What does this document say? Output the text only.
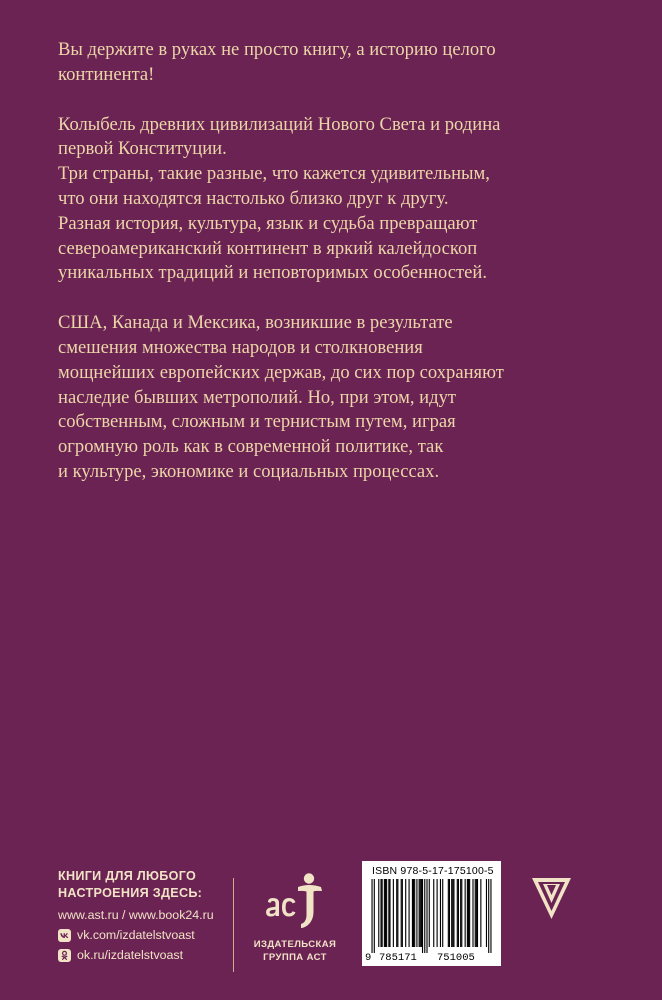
Вы держите в руках не просто книгу, а историю целого
континента!

Колыбель древних цивилизаций Нового Света и родина
первой Конституции.
Три страны, такие разные, что кажется удивительным,
что они находятся настолько близко друг к другу.
Разная история, культура, язык и судьба превращают
североамериканский континент в яркий калейдоскоп
уникальных традиций и неповторимых особенностей.

США, Канада и Мексика, возникшие в результате
смешения множества народов и столкновения
мощнейших европейских держав, до сих пор сохраняют
наследие бывших метрополий. Но, при этом, идут
собственным, сложным и тернистым путем, играя
огромную роль как в современной политике, так
и культуре, экономике и социальных процессах.

КНИГИ ДЛЯ ЛЮБОГО
НАСТРОЕНИЯ ЗДЕСЬ:
www.ast.ru / www.book24.ru
vk.com/izdatelstvoast
ok.ru/izdatelstvoast
ИЗДАТЕЛЬСКАЯ
ГРУППА АСТ
ISBN 978-5-17-175100-5
9 785171 751005
